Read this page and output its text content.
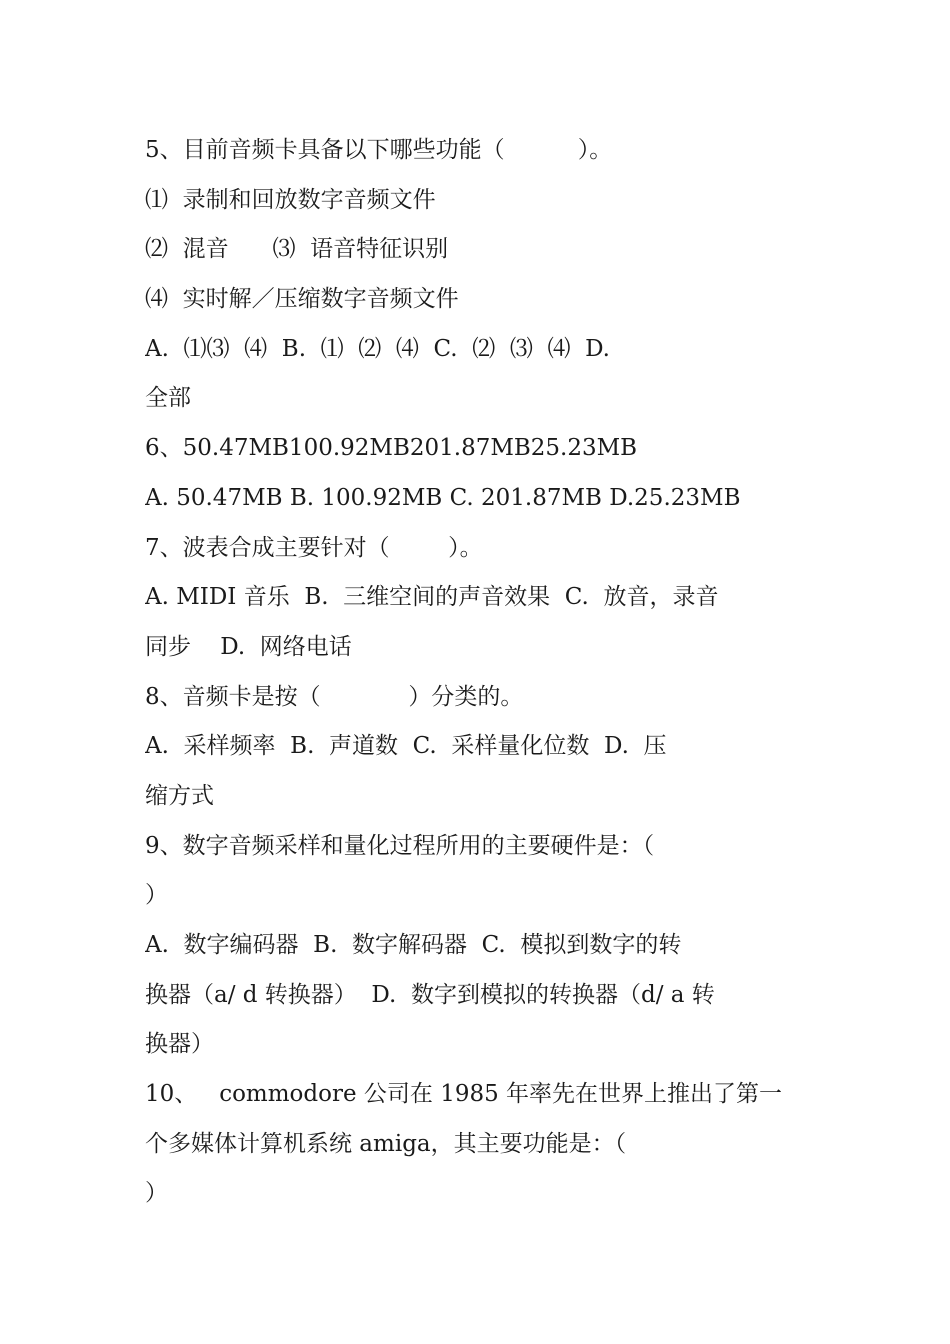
5、目前音频卡具备以下哪些功能（          ）。
⑴  录制和回放数字音频文件
⑵  混音      ⑶  语音特征识别
⑷  实时解／压缩数字音频文件
A.  ⑴⑶  ⑷  B.  ⑴  ⑵  ⑷  C.  ⑵  ⑶  ⑷  D.
全部
6、50.47MB100.92MB201.87MB25.23MB
A. 50.47MB B. 100.92MB C. 201.87MB D.25.23MB
7、波表合成主要针对（        ）。
A. MIDI 音乐  B.  三维空间的声音效果  C.  放音，录音
同步    D.  网络电话
8、音频卡是按（            ）分类的。
A.  采样频率  B.  声道数  C.  采样量化位数  D.  压
缩方式
9、数字音频采样和量化过程所用的主要硬件是：（
）
A.  数字编码器  B.  数字解码器  C.  模拟到数字的转
换器（a/ d 转换器）  D.  数字到模拟的转换器（d/ a 转
换器）
10、   commodore 公司在 1985 年率先在世界上推出了第一
个多媒体计算机系统 amiga，其主要功能是：（
）
